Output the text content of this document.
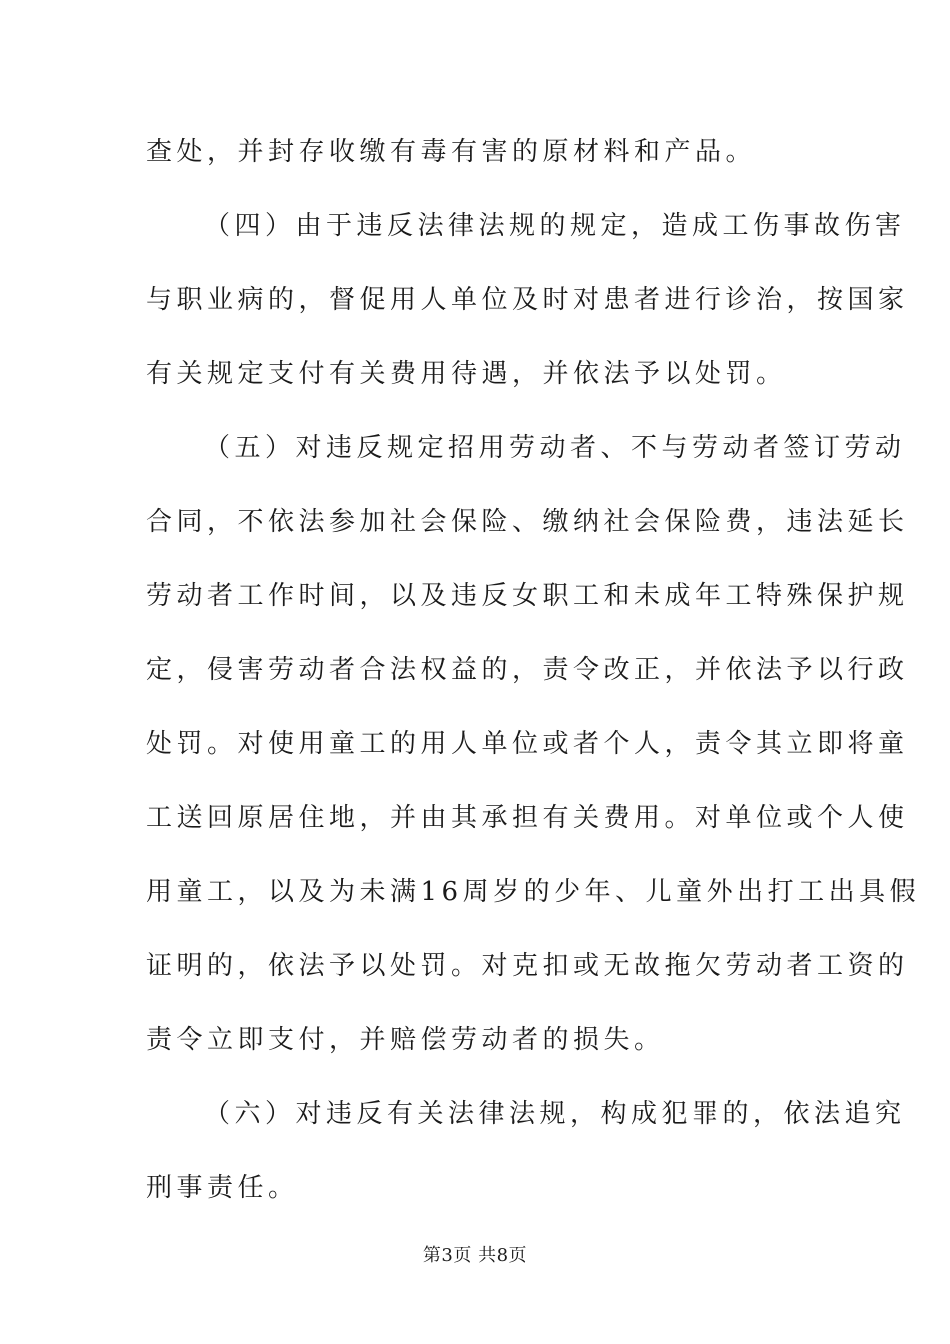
查处，并封存收缴有毒有害的原材料和产品。
（四）由于违反法律法规的规定，造成工伤事故伤害
与职业病的，督促用人单位及时对患者进行诊治，按国家
有关规定支付有关费用待遇，并依法予以处罚。
（五）对违反规定招用劳动者、不与劳动者签订劳动
合同，不依法参加社会保险、缴纳社会保险费，违法延长
劳动者工作时间，以及违反女职工和未成年工特殊保护规
定，侵害劳动者合法权益的，责令改正，并依法予以行政
处罚。对使用童工的用人单位或者个人，责令其立即将童
工送回原居住地，并由其承担有关费用。对单位或个人使
用童工，以及为未满16周岁的少年、儿童外出打工出具假
证明的，依法予以处罚。对克扣或无故拖欠劳动者工资的
责令立即支付，并赔偿劳动者的损失。
（六）对违反有关法律法规，构成犯罪的，依法追究
刑事责任。
第3页 共8页
